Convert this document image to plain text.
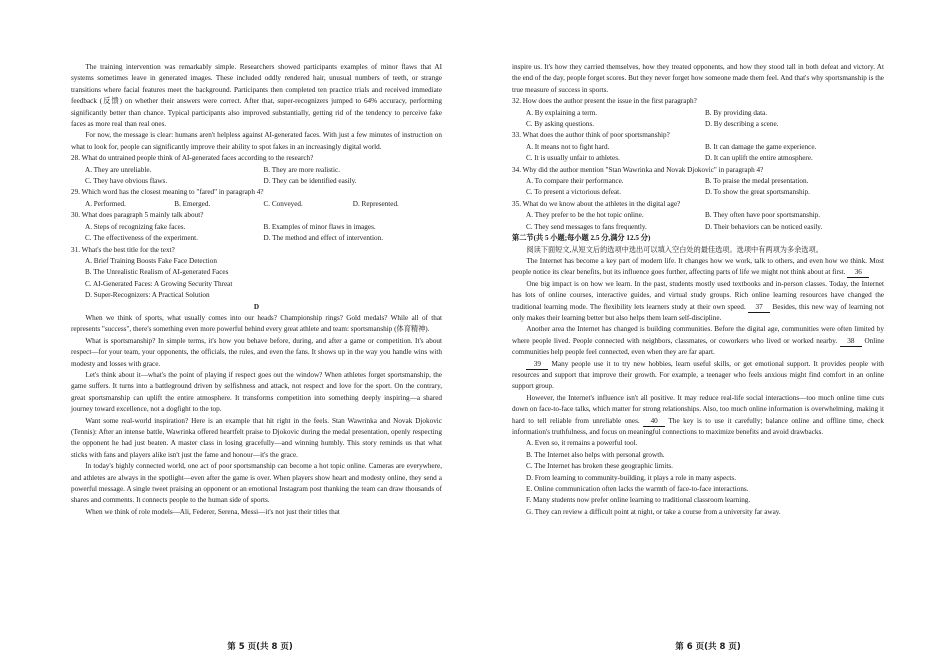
The training intervention was remarkably simple. Researchers showed participants examples of minor flaws that AI systems sometimes leave in generated images. These included oddly rendered hair, unusual numbers of teeth, or strange transitions where facial features meet the background. Participants then completed ten practice trials and received immediate feedback (反馈) on whether their answers were correct. After that, super-recognizers jumped to 64% accuracy, performing significantly better than chance. Typical participants also improved substantially, getting rid of the tendency to perceive fake faces as more real than real ones.

For now, the message is clear: humans aren't helpless against AI-generated faces. With just a few minutes of instruction on what to look for, people can significantly improve their ability to spot fakes in an increasingly digital world.

28. What do untrained people think of AI-generated faces according to the research?
A. They are unreliable.	B. They are more realistic.
C. They have obvious flaws.	D. They can be identified easily.
29. Which word has the closest meaning to "fared" in paragraph 4?
A. Performed.	B. Emerged.	C. Conveyed.	D. Represented.
30. What does paragraph 5 mainly talk about?
A. Steps of recognizing fake faces.	B. Examples of minor flaws in images.
C. The effectiveness of the experiment.	D. The method and effect of intervention.
31. What's the best title for the text?
A. Brief Training Boosts Fake Face Detection
B. The Unrealistic Realism of AI-generated Faces
C. AI-Generated Faces: A Growing Security Threat
D. Super-Recognizers: A Practical Solution
D

When we think of sports, what usually comes into our heads? Championship rings? Gold medals? While all of that represents "success", there's something even more powerful behind every great athlete and team: sportsmanship (体育精神).

What is sportsmanship? In simple terms, it's how you behave before, during, and after a game or competition. It's about respect—for your team, your opponents, the officials, the rules, and even the fans. It shows up in the way you handle wins with modesty and losses with grace.

Let's think about it—what's the point of playing if respect goes out the window? When athletes forget sportsmanship, the game suffers. It turns into a battleground driven by selfishness and attack, not respect and love for the sport. On the contrary, great sportsmanship can uplift the entire atmosphere. It transforms competition into something deeply inspiring—a shared journey toward excellence, not a dogfight to the top.

Want some real-world inspiration? Here is an example that hit right in the feels. Stan Wawrinka and Novak Djokovic (Tennis): After an intense battle, Wawrinka offered heartfelt praise to Djokovic during the medal presentation, openly respecting the opponent he had just beaten. A master class in losing gracefully—and winning humbly. This story reminds us that what sticks with fans and players alike isn't just the fame and honour—it's the grace.

In today's highly connected world, one act of poor sportsmanship can become a hot topic online. Cameras are everywhere, and athletes are always in the spotlight—even after the game is over. When players show heart and modesty online, they send a powerful message. A single tweet praising an opponent or an emotional Instagram post thanking the team can draw thousands of shares and comments. It connects people to the human side of sports.

When we think of role models—Ali, Federer, Serena, Messi—it's not just their titles that

inspire us. It's how they carried themselves, how they treated opponents, and how they stood tall in both defeat and victory. At the end of the day, people forget scores. But they never forget how someone made them feel. And that's why sportsmanship is the true measure of success in sports.
32. How does the author present the issue in the first paragraph?
A. By explaining a term.	B. By providing data.
C. By asking questions.	D. By describing a scene.
33. What does the author think of poor sportsmanship?
A. It means not to fight hard.	B. It can damage the game experience.
C. It is usually unfair to athletes.	D. It can uplift the entire atmosphere.
34. Why did the author mention "Stan Wawrinka and Novak Djokovic" in paragraph 4?
A. To compare their performance.	B. To praise the medal presentation.
C. To present a victorious defeat.	D. To show the great sportsmanship.
35. What do we know about the athletes in the digital age?
A. They prefer to be the hot topic online.	B. They often have poor sportsmanship.
C. They send messages to fans frequently.	D. Their behaviors can be noticed easily.
第二节(共 5 小题;每小题 2.5 分,满分 12.5 分)

阅读下面短文,从短文后的选项中选出可以填入空白处的最佳选项。选项中有两项为多余选项。

The Internet has become a key part of modern life. It changes how we work, talk to others, and even how we think. Most people notice its clear benefits, but its influence goes further, affecting parts of life we might not think about at first. 36

One big impact is on how we learn. In the past, students mostly used textbooks and in-person classes. Today, the Internet has lots of online courses, interactive guides, and virtual study groups. Rich online learning resources have changed the traditional learning mode. The flexibility lets learners study at their own speed. 37 Besides, this new way of learning not only makes their learning better but also helps them learn self-discipline.

Another area the Internet has changed is building communities. Before the digital age, communities were often limited by where people lived. People connected with neighbors, classmates, or coworkers who lived or worked nearby. 38 Online communities help people feel connected, even when they are far apart.

39 Many people use it to try new hobbies, learn useful skills, or get emotional support. It provides people with resources and support that improve their growth. For example, a teenager who feels anxious might find comfort in an online support group.

However, the Internet's influence isn't all positive. It may reduce real-life social interactions—too much online time cuts down on face-to-face talks, which matter for strong relationships. Also, too much online information is overwhelming, making it hard to tell reliable from unreliable ones. 40 The key is to use it carefully; balance online and offline time, check information's truthfulness, and focus on meaningful connections to maximize benefits and avoid drawbacks.

A. Even so, it remains a powerful tool.
B. The Internet also helps with personal growth.
C. The Internet has broken these geographic limits.
D. From learning to community-building, it plays a role in many aspects.
E. Online communication often lacks the warmth of face-to-face interactions.
F. Many students now prefer online learning to traditional classroom learning.
G. They can review a difficult point at night, or take a course from a university far away.
第 5 页(共 8 页)	第 6 页(共 8 页)
